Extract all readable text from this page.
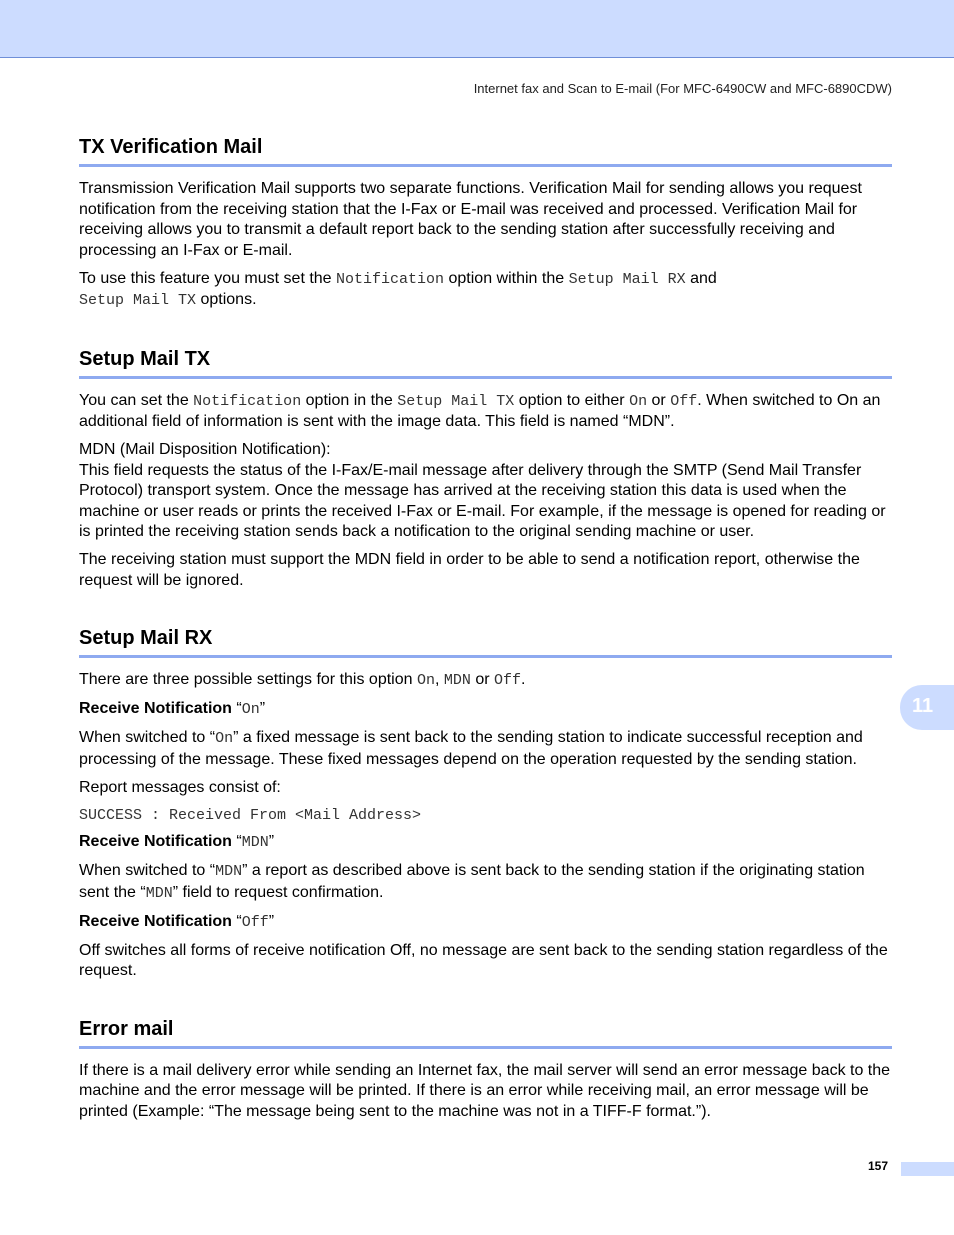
Internet fax and Scan to E-mail (For MFC-6490CW and MFC-6890CDW)
TX Verification Mail

Transmission Verification Mail supports two separate functions. Verification Mail for sending allows you request notification from the receiving station that the I-Fax or E-mail was received and processed. Verification Mail for receiving allows you to transmit a default report back to the sending station after successfully receiving and processing an I-Fax or E-mail.

To use this feature you must set the Notification option within the Setup Mail RX and
Setup Mail TX options.

Setup Mail TX

You can set the Notification option in the Setup Mail TX option to either On or Off. When switched to On an additional field of information is sent with the image data. This field is named “MDN”.

MDN (Mail Disposition Notification):
This field requests the status of the I-Fax/E-mail message after delivery through the SMTP (Send Mail Transfer Protocol) transport system. Once the message has arrived at the receiving station this data is used when the machine or user reads or prints the received I-Fax or E-mail. For example, if the message is opened for reading or is printed the receiving station sends back a notification to the original sending machine or user.

The receiving station must support the MDN field in order to be able to send a notification report, otherwise the request will be ignored.

Setup Mail RX

There are three possible settings for this option On, MDN or Off.

Receive Notification “On”

When switched to “On” a fixed message is sent back to the sending station to indicate successful reception and processing of the message. These fixed messages depend on the operation requested by the sending station.

Report messages consist of:

SUCCESS : Received From <Mail Address>

Receive Notification “MDN”

When switched to “MDN” a report as described above is sent back to the sending station if the originating station sent the “MDN” field to request confirmation.

Receive Notification “Off”

Off switches all forms of receive notification Off, no message are sent back to the sending station regardless of the request.

Error mail

If there is a mail delivery error while sending an Internet fax, the mail server will send an error message back to the machine and the error message will be printed. If there is an error while receiving mail, an error message will be printed (Example: “The message being sent to the machine was not in a TIFF-F format.”).

11
157
